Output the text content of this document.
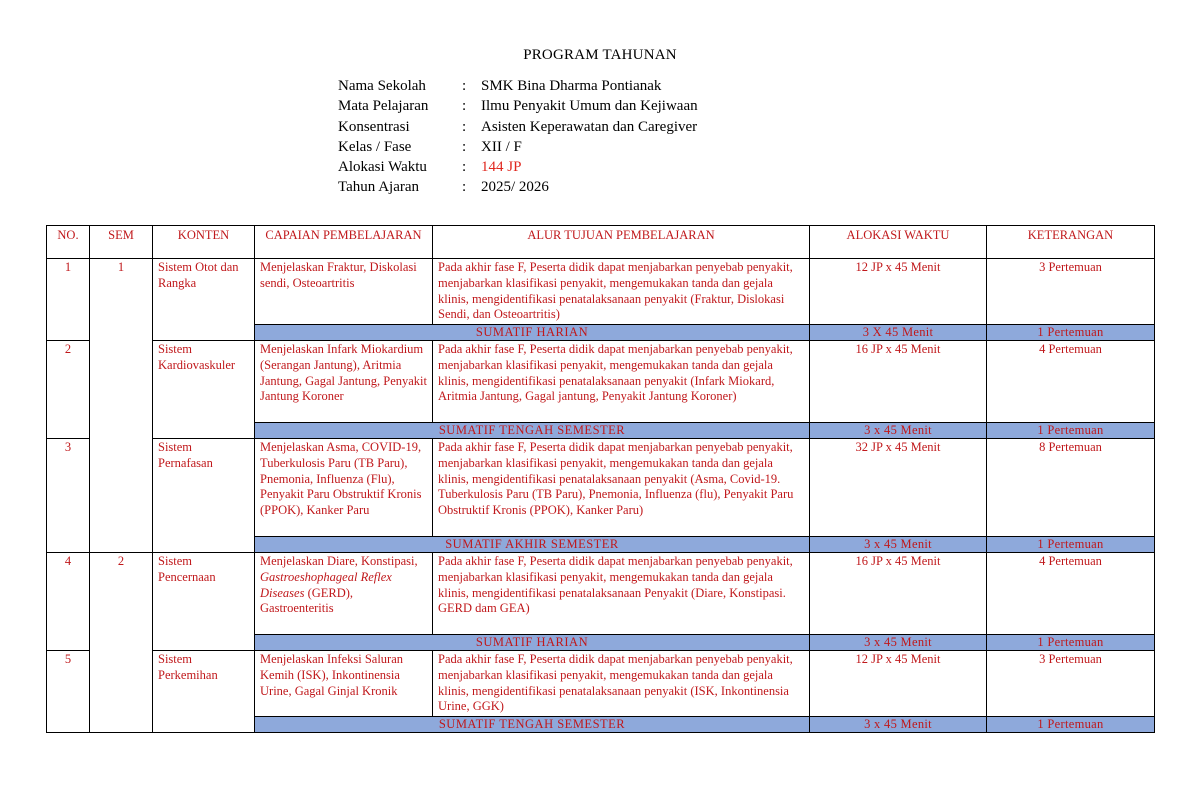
PROGRAM TAHUNAN
Nama Sekolah	:	SMK Bina Dharma Pontianak
Mata Pelajaran	:	Ilmu Penyakit Umum dan Kejiwaan
Konsentrasi	:	Asisten Keperawatan dan Caregiver
Kelas / Fase	:	XII / F
Alokasi Waktu	:	144 JP
Tahun Ajaran	:	2025/ 2026
NO.	SEM	KONTEN	CAPAIAN PEMBELAJARAN	ALUR TUJUAN PEMBELAJARAN	ALOKASI WAKTU	KETERANGAN
1	1	Sistem Otot dan Rangka	Menjelaskan Fraktur, Diskolasi sendi, Osteoartritis	Pada akhir fase F, Peserta didik dapat menjabarkan penyebab penyakit, menjabarkan klasifikasi penyakit, mengemukakan tanda dan gejala klinis, mengidentifikasi penatalaksanaan penyakit (Fraktur, Dislokasi Sendi, dan Osteoartritis)	12 JP x 45 Menit	3 Pertemuan
			SUMATIF HARIAN		3 X 45 Menit	1 Pertemuan
2		Sistem Kardiovaskuler	Menjelaskan Infark Miokardium (Serangan Jantung), Aritmia Jantung, Gagal Jantung, Penyakit Jantung Koroner	Pada akhir fase F, Peserta didik dapat menjabarkan penyebab penyakit, menjabarkan klasifikasi penyakit, mengemukakan tanda dan gejala klinis, mengidentifikasi penatalaksanaan penyakit (Infark Miokard, Aritmia Jantung, Gagal jantung, Penyakit Jantung Koroner)	16 JP x 45 Menit	4 Pertemuan
			SUMATIF TENGAH SEMESTER		3 x 45 Menit	1 Pertemuan
3		Sistem Pernafasan	Menjelaskan Asma, COVID-19, Tuberkulosis Paru (TB Paru), Pnemonia, Influenza (Flu), Penyakit Paru Obstruktif Kronis (PPOK), Kanker Paru	Pada akhir fase F, Peserta didik dapat menjabarkan penyebab penyakit, menjabarkan klasifikasi penyakit, mengemukakan tanda dan gejala klinis, mengidentifikasi penatalaksanaan penyakit (Asma, Covid-19. Tuberkulosis Paru (TB Paru), Pnemonia, Influenza (flu), Penyakit Paru Obstruktif Kronis (PPOK), Kanker Paru)	32 JP x 45 Menit	8 Pertemuan
			SUMATIF AKHIR SEMESTER		3 x 45 Menit	1 Pertemuan
4	2	Sistem Pencernaan	Menjelaskan Diare, Konstipasi, Gastroeshophageal Reflex Diseases (GERD), Gastroenteritis	Pada akhir fase F, Peserta didik dapat menjabarkan penyebab penyakit, menjabarkan klasifikasi penyakit, mengemukakan tanda dan gejala klinis, mengidentifikasi penatalaksanaan Penyakit (Diare, Konstipasi. GERD dam GEA)	16 JP x 45 Menit	4 Pertemuan
			SUMATIF HARIAN		3 x 45 Menit	1 Pertemuan
5		Sistem Perkemihan	Menjelaskan Infeksi Saluran Kemih (ISK), Inkontinensia Urine, Gagal Ginjal Kronik	Pada akhir fase F, Peserta didik dapat menjabarkan penyebab penyakit, menjabarkan klasifikasi penyakit, mengemukakan tanda dan gejala klinis, mengidentifikasi penatalaksanaan penyakit (ISK, Inkontinensia Urine, GGK)	12 JP x 45 Menit	3 Pertemuan
			SUMATIF TENGAH SEMESTER		3 x 45 Menit	1 Pertemuan
